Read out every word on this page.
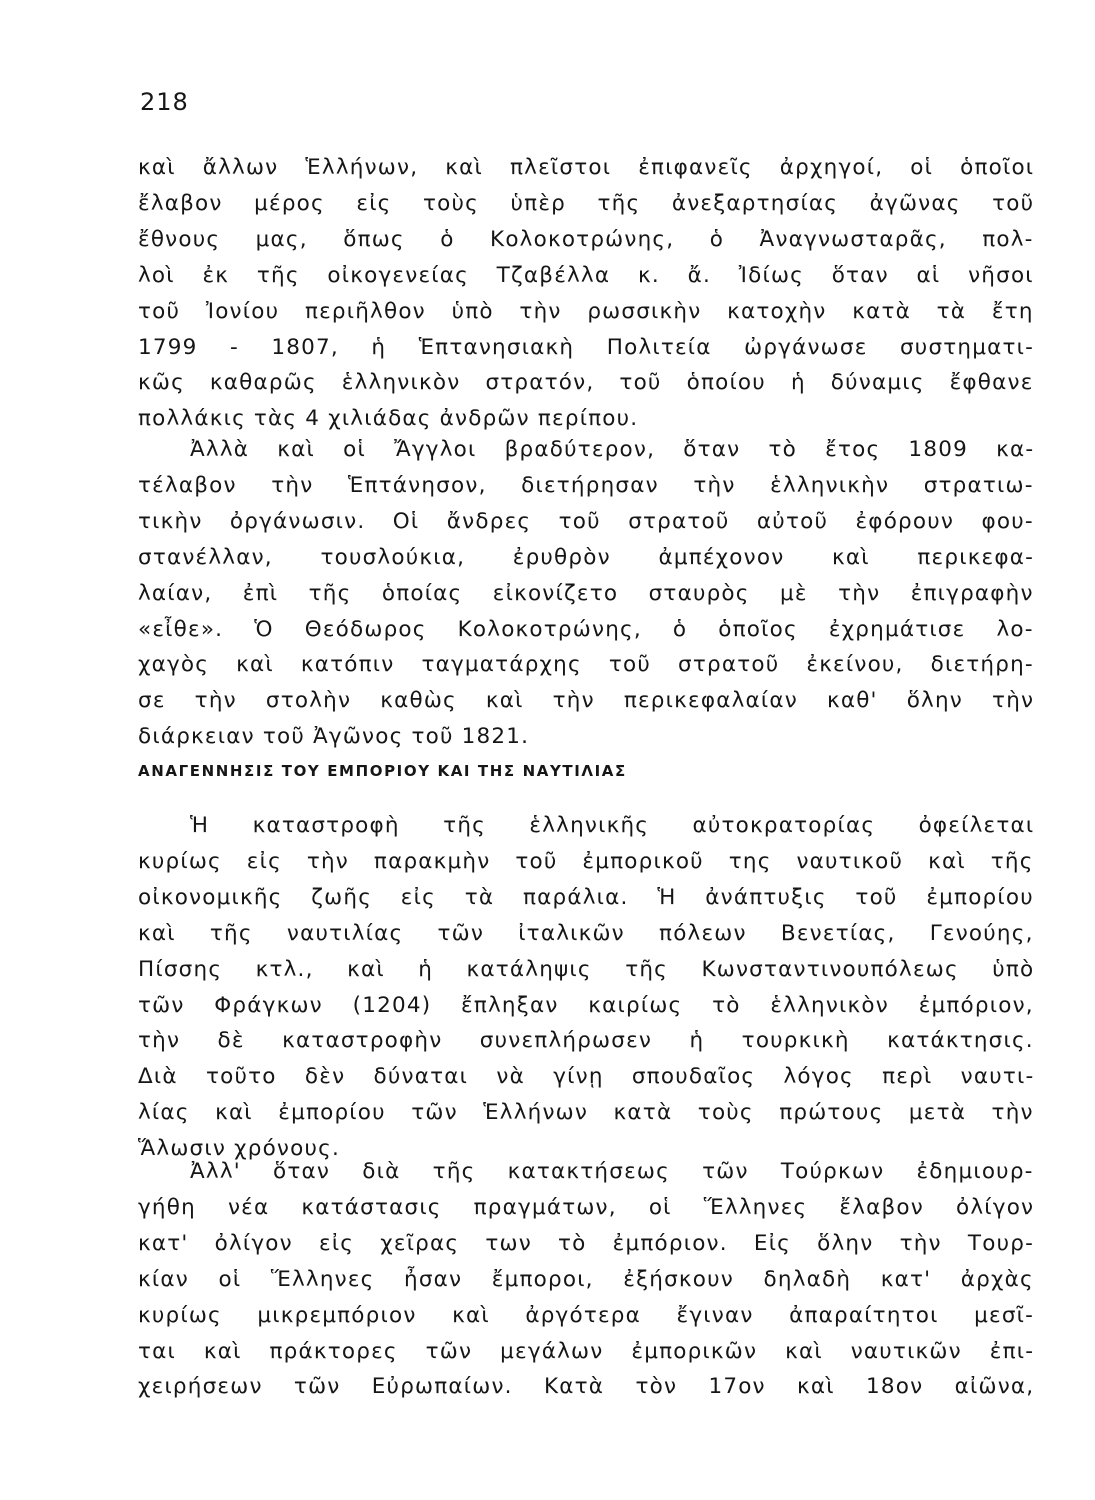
218
καὶ ἄλλων Ἑλλήνων, καὶ πλεῖστοι ἐπιφανεῖς ἀρχηγοί, οἱ ὁποῖοι
ἔλαβον μέρος εἰς τοὺς ὑπὲρ τῆς ἀνεξαρτησίας ἀγῶνας τοῦ
ἔθνους μας, ὅπως ὁ Κολοκοτρώνης, ὁ Ἀναγνωσταρᾶς, πολ-
λοὶ ἐκ τῆς οἰκογενείας Τζαβέλλα κ. ἄ. Ἰδίως ὅταν αἱ νῆσοι
τοῦ Ἰονίου περιῆλθον ὑπὸ τὴν ρωσσικὴν κατοχὴν κατὰ τὰ ἔτη
1799 - 1807, ἡ Ἑπτανησιακὴ Πολιτεία ὠργάνωσε συστηματι-
κῶς καθαρῶς ἑλληνικὸν στρατόν, τοῦ ὁποίου ἡ δύναμις ἔφθανε
πολλάκις τὰς 4 χιλιάδας ἀνδρῶν περίπου.
Ἀλλὰ καὶ οἱ Ἄγγλοι βραδύτερον, ὅταν τὸ ἔτος 1809 κα-
τέλαβον τὴν Ἑπτάνησον, διετήρησαν τὴν ἑλληνικὴν στρατιω-
τικὴν ὀργάνωσιν. Οἱ ἄνδρες τοῦ στρατοῦ αὐτοῦ ἐφόρουν φου-
στανέλλαν, τουσλούκια, ἐρυθρὸν ἀμπέχονον καὶ περικεφα-
λαίαν, ἐπὶ τῆς ὁποίας εἰκονίζετο σταυρὸς μὲ τὴν ἐπιγραφὴν
«εἶθε». Ὁ Θεόδωρος Κολοκοτρώνης, ὁ ὁποῖος ἐχρημάτισε λο-
χαγὸς καὶ κατόπιν ταγματάρχης τοῦ στρατοῦ ἐκείνου, διετήρη-
σε τὴν στολὴν καθὼς καὶ τὴν περικεφαλαίαν καθ' ὅλην τὴν
διάρκειαν τοῦ Ἀγῶνος τοῦ 1821.
ΑΝΑΓΕΝΝΗΣΙΣ ΤΟΥ ΕΜΠΟΡΙΟΥ ΚΑΙ ΤΗΣ ΝΑΥΤΙΛΙΑΣ
Ἡ καταστροφὴ τῆς ἑλληνικῆς αὐτοκρατορίας ὀφείλεται
κυρίως εἰς τὴν παρακμὴν τοῦ ἐμπορικοῦ της ναυτικοῦ καὶ τῆς
οἰκονομικῆς ζωῆς εἰς τὰ παράλια. Ἡ ἀνάπτυξις τοῦ ἐμπορίου
καὶ τῆς ναυτιλίας τῶν ἰταλικῶν πόλεων Βενετίας, Γενούης,
Πίσσης κτλ., καὶ ἡ κατάληψις τῆς Κωνσταντινουπόλεως ὑπὸ
τῶν Φράγκων (1204) ἔπληξαν καιρίως τὸ ἑλληνικὸν ἐμπόριον,
τὴν δὲ καταστροφὴν συνεπλήρωσεν ἡ τουρκικὴ κατάκτησις.
Διὰ τοῦτο δὲν δύναται νὰ γίνῃ σπουδαῖος λόγος περὶ ναυτι-
λίας καὶ ἐμπορίου τῶν Ἑλλήνων κατὰ τοὺς πρώτους μετὰ τὴν
Ἅλωσιν χρόνους.
Ἀλλ' ὅταν διὰ τῆς κατακτήσεως τῶν Τούρκων ἐδημιουρ-
γήθη νέα κατάστασις πραγμάτων, οἱ Ἕλληνες ἔλαβον ὀλίγον
κατ' ὀλίγον εἰς χεῖρας των τὸ ἐμπόριον. Εἰς ὅλην τὴν Τουρ-
κίαν οἱ Ἕλληνες ἦσαν ἔμποροι, ἐξήσκουν δηλαδὴ κατ' ἀρχὰς
κυρίως μικρεμπόριον καὶ ἀργότερα ἔγιναν ἀπαραίτητοι μεσῖ-
ται καὶ πράκτορες τῶν μεγάλων ἐμπορικῶν καὶ ναυτικῶν ἐπι-
χειρήσεων τῶν Εὐρωπαίων. Κατὰ τὸν 17ον καὶ 18ον αἰῶνα,
